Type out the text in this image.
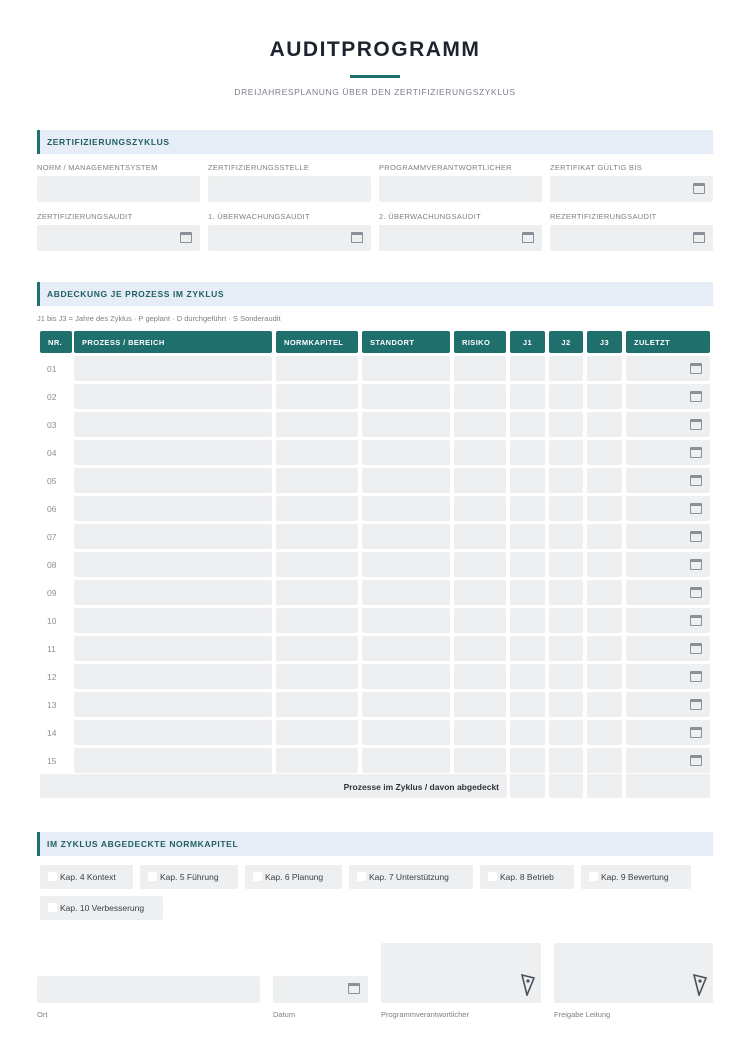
AUDITPROGRAMM
DREIJAHRESPLANUNG ÜBER DEN ZERTIFIZIERUNGSZYKLUS
ZERTIFIZIERUNGSZYKLUS
NORM / MANAGEMENTSYSTEM	ZERTIFIZIERUNGSSTELLE	PROGRAMMVERANTWORTLICHER	ZERTIFIKAT GÜLTIG BIS
ZERTIFIZIERUNGSAUDIT	1. ÜBERWACHUNGSAUDIT	2. ÜBERWACHUNGSAUDIT	REZERTIFIZIERUNGSAUDIT
ABDECKUNG JE PROZESS IM ZYKLUS
J1 bis J3 = Jahre des Zyklus · P geplant · D durchgeführt · S Sonderaudit
NR.	PROZESS / BEREICH	NORMKAPITEL	STANDORT	RISIKO	J1	J2	J3	ZULETZT
01
02
03
04
05
06
07
08
09
10
11
12
13
14
15
Prozesse im Zyklus / davon abgedeckt
IM ZYKLUS ABGEDECKTE NORMKAPITEL
Kap. 4 Kontext	Kap. 5 Führung	Kap. 6 Planung	Kap. 7 Unterstützung	Kap. 8 Betrieb	Kap. 9 Bewertung
Kap. 10 Verbesserung
Ort	Datum	Programmverantwortlicher	Freigabe Leitung
